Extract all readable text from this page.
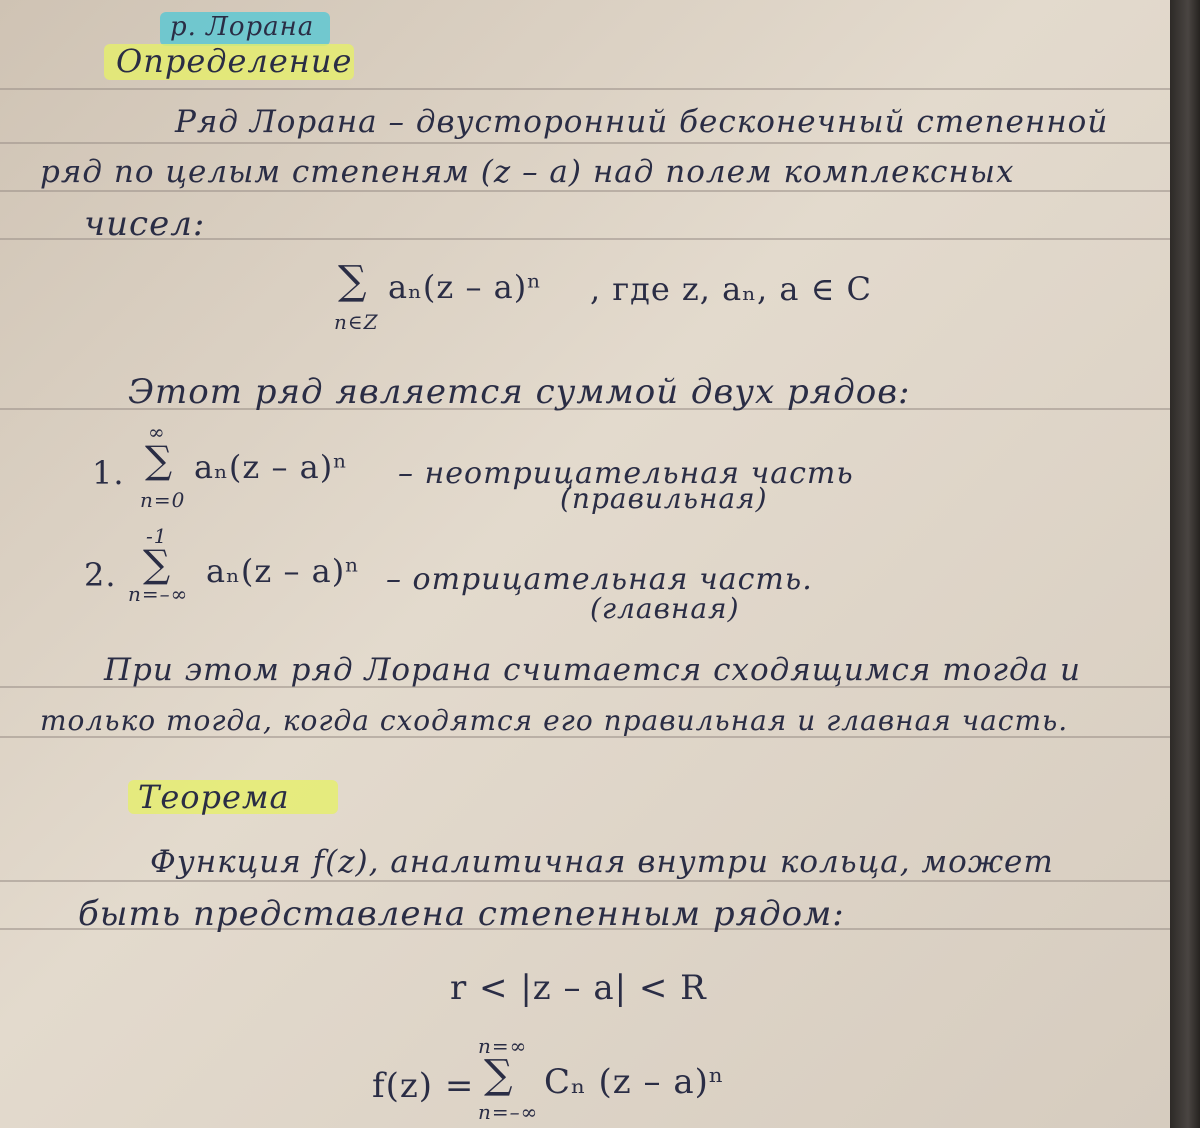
р. Лорана
Определение
Ряд Лорана – двусторонний бесконечный степенной
ряд по целым степеням (z – a) над полем комплексных
чисел:
∑
n∈Z
aₙ(z – a)ⁿ , где z, aₙ, a ∈ C
Этот ряд является суммой двух рядов:
1.
∞
∑
n=0
aₙ(z – a)ⁿ – неотрицательная часть
(правильная)
2.
-1
∑
n=–∞
aₙ(z – a)ⁿ – отрицательная часть.
(главная)
При этом ряд Лорана считается сходящимся тогда и
только тогда, когда сходятся его правильная и главная часть.
Теорема
Функция f(z), аналитичная внутри кольца, может
быть представлена степенным рядом:
r < |z – a| < R
f(z) =
n=∞
∑
n=–∞
Cₙ (z – a)ⁿ
